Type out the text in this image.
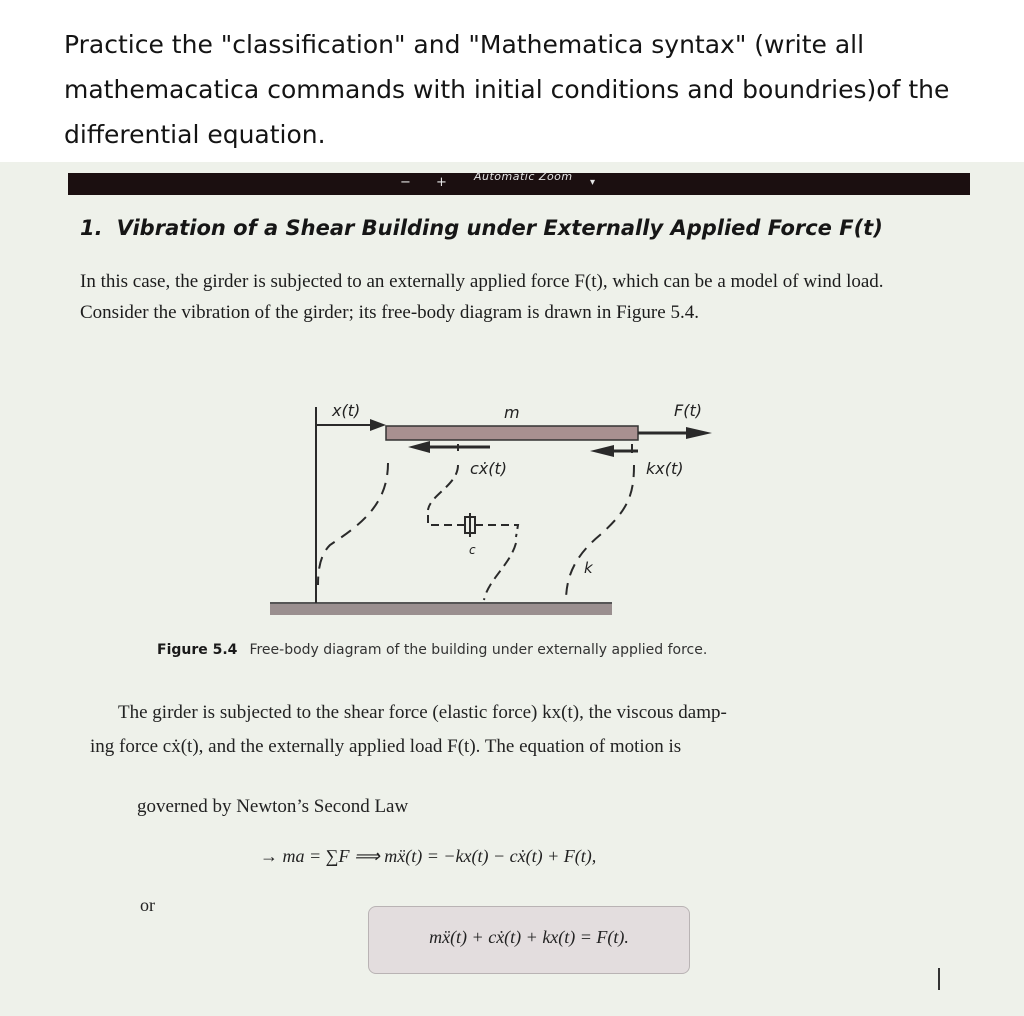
Practice the "classification" and "Mathematica syntax" (write all mathemacatica commands with initial conditions and boundries)of the differential equation.
− + Automatic Zoom ▾
1. Vibration of a Shear Building under Externally Applied Force F(t)
In this case, the girder is subjected to an externally applied force F(t), which can be a model of wind load. Consider the vibration of the girder; its free-body diagram is drawn in Figure 5.4.
x(t)	m	F(t)
cẋ(t)	kx(t)
c
k
Figure 5.4 Free-body diagram of the building under externally applied force.
The girder is subjected to the shear force (elastic force) kx(t), the viscous damp-
ing force cẋ(t), and the externally applied load F(t). The equation of motion is
governed by Newton’s Second Law
→ ma = ∑F ⟹ mẍ(t) = −kx(t) − cẋ(t) + F(t),
or
mẍ(t) + cẋ(t) + kx(t) = F(t).
